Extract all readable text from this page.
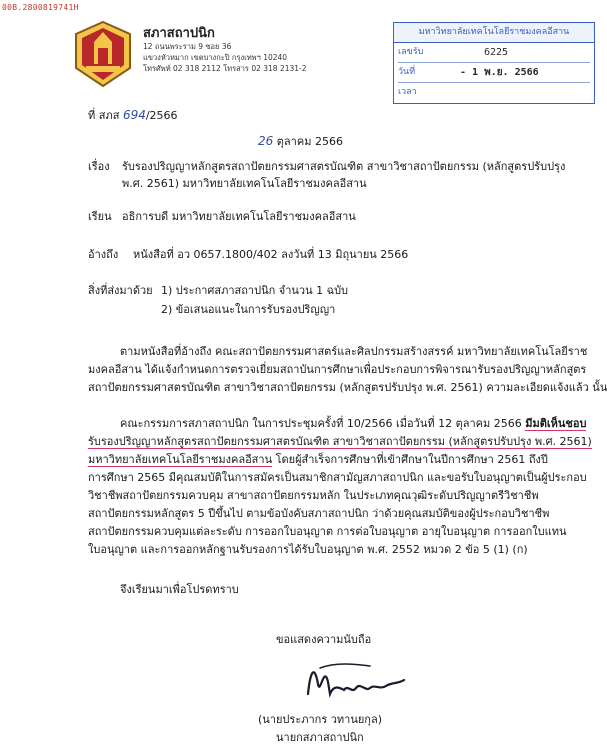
00B.2800819741H
สภาสถาปนิก
12 ถนนพระราม 9 ซอย 36
แขวงหัวหมาก เขตบางกะปิ กรุงเทพฯ 10240
โทรศัพท์ 02 318 2112 โทรสาร 02 318 2131-2
มหาวิทยาลัยเทคโนโลยีราชมงคลอีสาน
เลขรับ	6225
วันที่	- 1 พ.ย. 2566
เวลา
ที่ สภส 694/2566
26 ตุลาคม 2566
เรื่อง รับรองปริญญาหลักสูตรสถาปัตยกรรมศาสตรบัณฑิต สาขาวิชาสถาปัตยกรรม (หลักสูตรปรับปรุง
พ.ศ. 2561) มหาวิทยาลัยเทคโนโลยีราชมงคลอีสาน
เรียน อธิการบดี มหาวิทยาลัยเทคโนโลยีราชมงคลอีสาน
อ้างถึง หนังสือที่ อว 0657.1800/402 ลงวันที่ 13 มิถุนายน 2566
สิ่งที่ส่งมาด้วย 1) ประกาศสภาสถาปนิก จำนวน 1 ฉบับ
2) ข้อเสนอแนะในการรับรองปริญญา
ตามหนังสือที่อ้างถึง คณะสถาปัตยกรรมศาสตร์และศิลปกรรมสร้างสรรค์ มหาวิทยาลัยเทคโนโลยีราช
มงคลอีสาน ได้แจ้งกำหนดการตรวจเยี่ยมสถาบันการศึกษาเพื่อประกอบการพิจารณารับรองปริญญาหลักสูตร
สถาปัตยกรรมศาสตรบัณฑิต สาขาวิชาสถาปัตยกรรม (หลักสูตรปรับปรุง พ.ศ. 2561) ความละเอียดแจ้งแล้ว นั้น
คณะกรรมการสภาสถาปนิก ในการประชุมครั้งที่ 10/2566 เมื่อวันที่ 12 ตุลาคม 2566 มีมติเห็นชอบ
รับรองปริญญาหลักสูตรสถาปัตยกรรมศาสตรบัณฑิต สาขาวิชาสถาปัตยกรรม (หลักสูตรปรับปรุง พ.ศ. 2561)
มหาวิทยาลัยเทคโนโลยีราชมงคลอีสาน โดยผู้สำเร็จการศึกษาที่เข้าศึกษาในปีการศึกษา 2561 ถึงปี
การศึกษา 2565 มีคุณสมบัติในการสมัครเป็นสมาชิกสามัญสภาสถาปนิก และขอรับใบอนุญาตเป็นผู้ประกอบ
วิชาชีพสถาปัตยกรรมควบคุม สาขาสถาปัตยกรรมหลัก ในประเภทคุณวุฒิระดับปริญญาตรีวิชาชีพ
สถาปัตยกรรมหลักสูตร 5 ปีขึ้นไป ตามข้อบังคับสภาสถาปนิก ว่าด้วยคุณสมบัติของผู้ประกอบวิชาชีพ
สถาปัตยกรรมควบคุมแต่ละระดับ การออกใบอนุญาต การต่อใบอนุญาต อายุใบอนุญาต การออกใบแทน
ใบอนุญาต และการออกหลักฐานรับรองการได้รับใบอนุญาต พ.ศ. 2552 หมวด 2 ข้อ 5 (1) (ก)
จึงเรียนมาเพื่อโปรดทราบ
ขอแสดงความนับถือ
(นายประภากร วทานยกุล)
นายกสภาสถาปนิก
